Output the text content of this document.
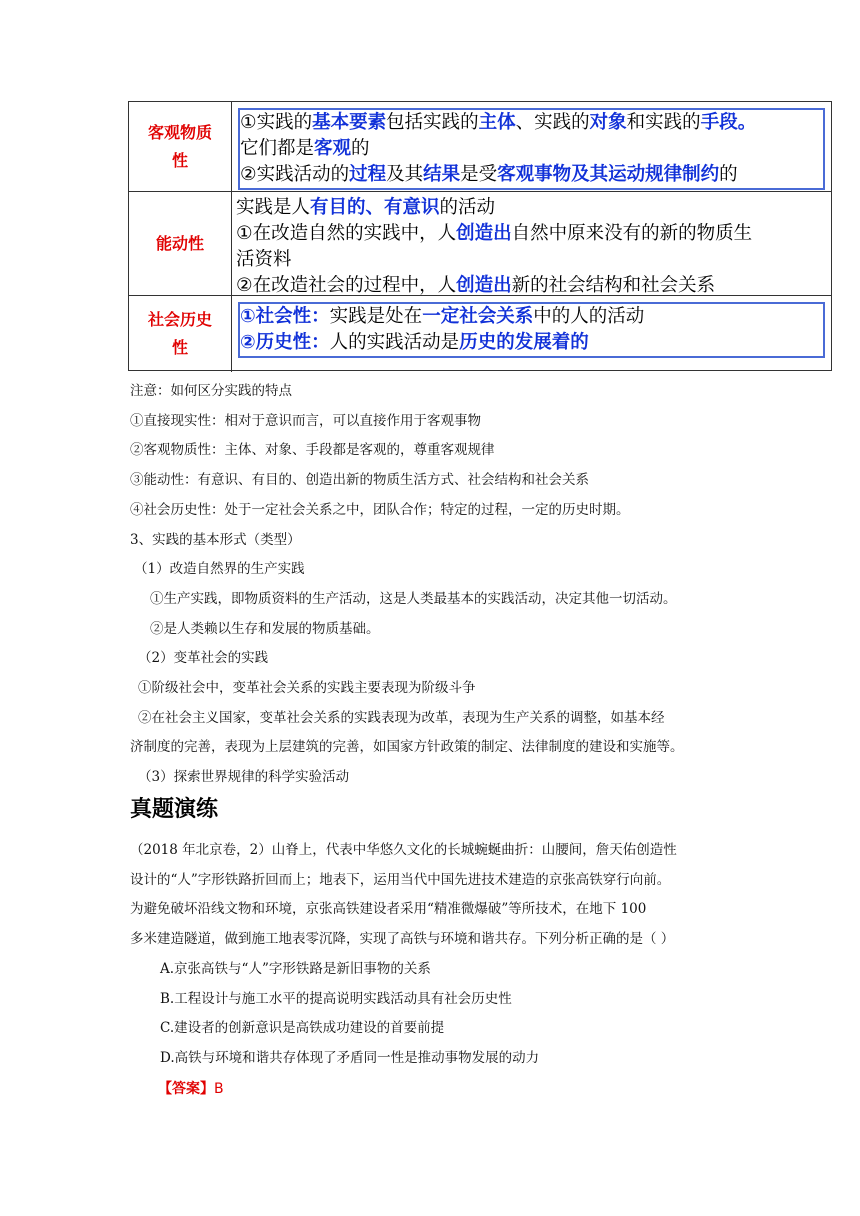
客观物质
性
①实践的基本要素包括实践的主体、实践的对象和实践的手段。
它们都是客观的
②实践活动的过程及其结果是受客观事物及其运动规律制约的
能动性
实践是人有目的、有意识的活动
①在改造自然的实践中，人创造出自然中原来没有的新的物质生
活资料
②在改造社会的过程中，人创造出新的社会结构和社会关系
社会历史
性
①社会性：实践是处在一定社会关系中的人的活动
②历史性：人的实践活动是历史的发展着的
注意：如何区分实践的特点
①直接现实性：相对于意识而言，可以直接作用于客观事物
②客观物质性：主体、对象、手段都是客观的，尊重客观规律
③能动性：有意识、有目的、创造出新的物质生活方式、社会结构和社会关系
④社会历史性：处于一定社会关系之中，团队合作；特定的过程，一定的历史时期。
3、实践的基本形式（类型）
（1）改造自然界的生产实践
①生产实践，即物质资料的生产活动，这是人类最基本的实践活动，决定其他一切活动。
②是人类赖以生存和发展的物质基础。
（2）变革社会的实践
①阶级社会中，变革社会关系的实践主要表现为阶级斗争
②在社会主义国家，变革社会关系的实践表现为改革，表现为生产关系的调整，如基本经
济制度的完善，表现为上层建筑的完善，如国家方针政策的制定、法律制度的建设和实施等。
（3）探索世界规律的科学实验活动
真题演练
（2018 年北京卷，2）山脊上，代表中华悠久文化的长城蜿蜒曲折：山腰间，詹天佑创造性
设计的“人”字形铁路折回而上；地表下，运用当代中国先进技术建造的京张高铁穿行向前。
为避免破坏沿线文物和环境，京张高铁建设者采用“精准微爆破”等所技术，在地下 100
多米建造隧道，做到施工地表零沉降，实现了高铁与环境和谐共存。下列分析正确的是（ ）
A.京张高铁与“人”字形铁路是新旧事物的关系
B.工程设计与施工水平的提高说明实践活动具有社会历史性
C.建设者的创新意识是高铁成功建设的首要前提
D.高铁与环境和谐共存体现了矛盾同一性是推动事物发展的动力
【答案】B
